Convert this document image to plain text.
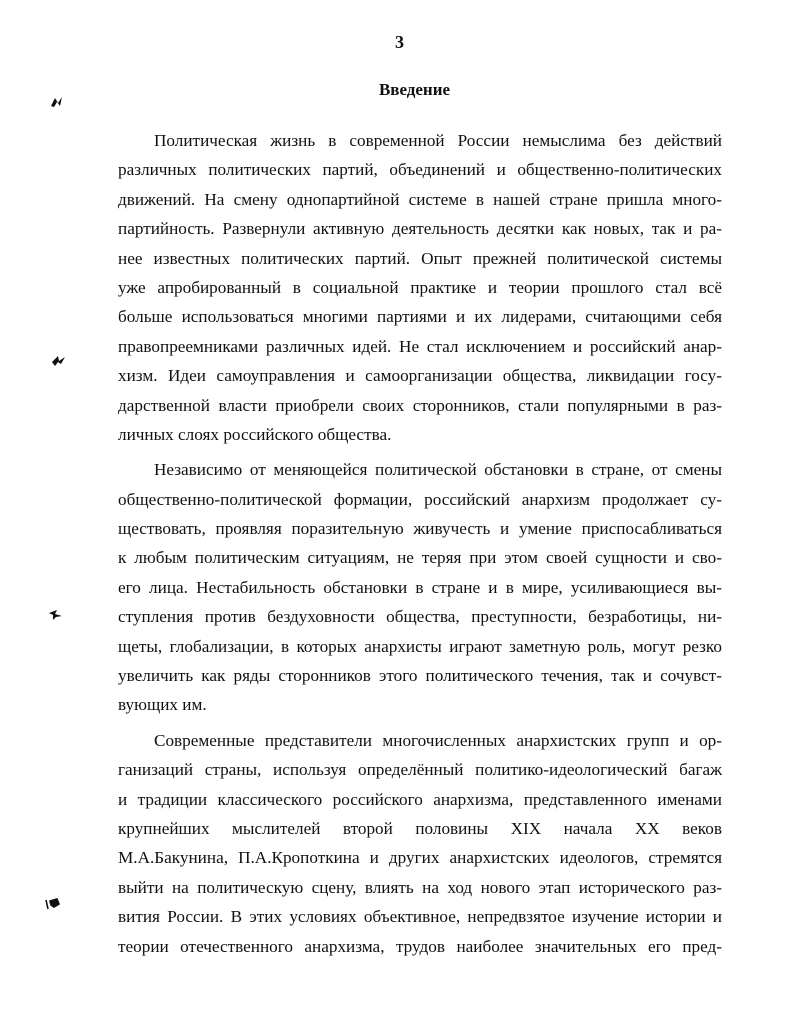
3
Введение
Политическая жизнь в современной России немыслима без действий
различных политических партий, объединений и общественно-политических
движений. На смену однопартийной системе в нашей стране пришла много-
партийность. Развернули активную деятельность десятки как новых, так и ра-
нее известных политических партий. Опыт прежней политической системы
уже апробированный в социальной практике и теории прошлого стал всё
больше использоваться многими партиями и их лидерами, считающими себя
правопреемниками различных идей. Не стал исключением и российский анар-
хизм. Идеи самоуправления и самоорганизации общества, ликвидации госу-
дарственной власти приобрели своих сторонников, стали популярными в раз-
личных слоях российского общества.
Независимо от меняющейся политической обстановки в стране, от смены
общественно-политической формации, российский анархизм продолжает су-
ществовать, проявляя поразительную живучесть и умение приспосабливаться
к любым политическим ситуациям, не теряя при этом своей сущности и сво-
его лица. Нестабильность обстановки в стране и в мире, усиливающиеся вы-
ступления против бездуховности общества, преступности, безработицы, ни-
щеты, глобализации, в которых анархисты играют заметную роль, могут резко
увеличить как ряды сторонников этого политического течения, так и сочувст-
вующих им.
Современные представители многочисленных анархистских групп и ор-
ганизаций страны, используя определённый политико-идеологический багаж
и традиции классического российского анархизма, представленного именами
крупнейших мыслителей второй половины XIX начала XX веков
М.А.Бакунина, П.А.Кропоткина и других анархистских идеологов, стремятся
выйти на политическую сцену, влиять на ход нового этап исторического раз-
вития России. В этих условиях объективное, непредвзятое изучение истории и
теории отечественного анархизма, трудов наиболее значительных его пред-
